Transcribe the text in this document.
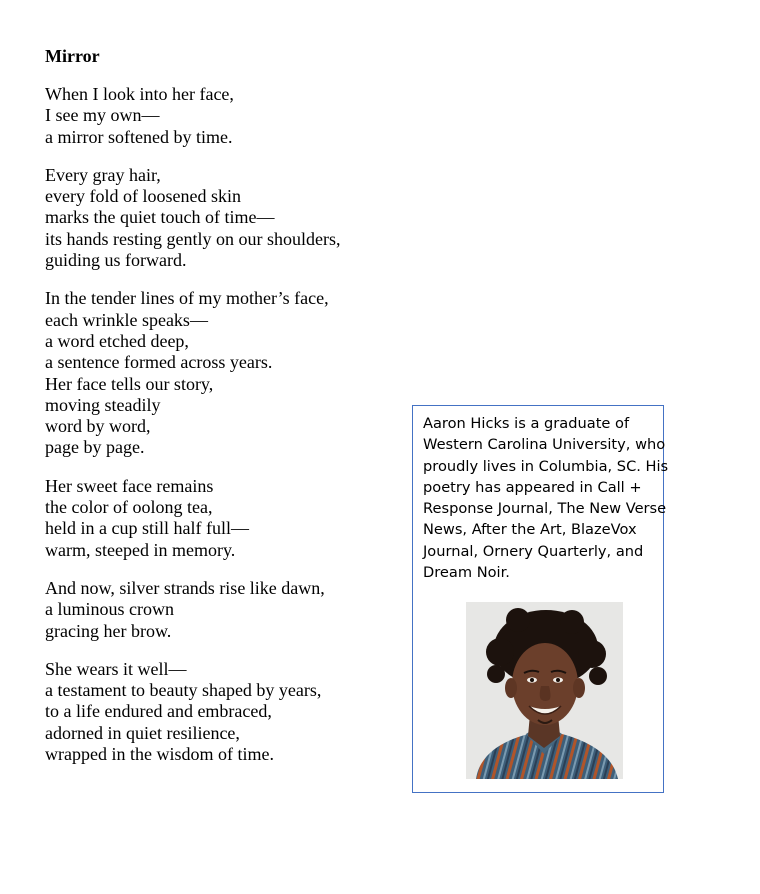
Mirror

When I look into her face,
I see my own—
a mirror softened by time.

Every gray hair,
every fold of loosened skin
marks the quiet touch of time—
its hands resting gently on our shoulders,
guiding us forward.

In the tender lines of my mother’s face,
each wrinkle speaks—
a word etched deep,
a sentence formed across years.
Her face tells our story,
moving steadily
word by word,
page by page.

Her sweet face remains
the color of oolong tea,
held in a cup still half full—
warm, steeped in memory.

And now, silver strands rise like dawn,
a luminous crown
gracing her brow.

She wears it well—
a testament to beauty shaped by years,
to a life endured and embraced,
adorned in quiet resilience,
wrapped in the wisdom of time.

Aaron Hicks is a graduate of
Western Carolina University, who
proudly lives in Columbia, SC. His
poetry has appeared in Call +
Response Journal, The New Verse
News, After the Art, BlazeVox
Journal, Ornery Quarterly, and
Dream Noir.
